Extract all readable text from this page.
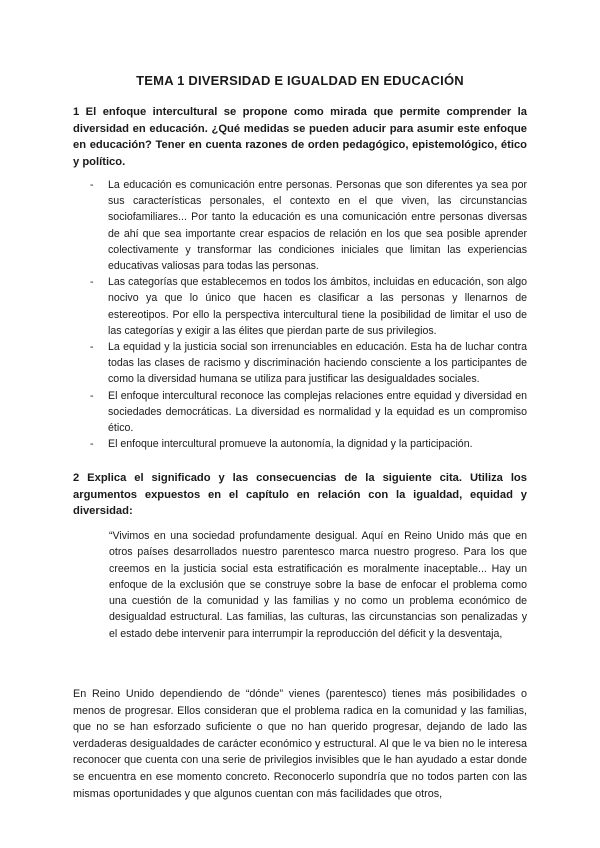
TEMA 1 DIVERSIDAD E IGUALDAD EN EDUCACIÓN
1 El enfoque intercultural se propone como mirada que permite comprender la diversidad en educación. ¿Qué medidas se pueden aducir para asumir este enfoque en educación? Tener en cuenta razones de orden pedagógico, epistemológico, ético y político.
- La educación es comunicación entre personas. Personas que son diferentes ya sea por sus características personales, el contexto en el que viven, las circunstancias sociofamiliares... Por tanto la educación es una comunicación entre personas diversas de ahí que sea importante crear espacios de relación en los que sea posible aprender colectivamente y transformar las condiciones iniciales que limitan las experiencias educativas valiosas para todas las personas.
- Las categorías que establecemos en todos los ámbitos, incluidas en educación, son algo nocivo ya que lo único que hacen es clasificar a las personas y llenarnos de estereotipos. Por ello la perspectiva intercultural tiene la posibilidad de limitar el uso de las categorías y exigir a las élites que pierdan parte de sus privilegios.
- La equidad y la justicia social son irrenunciables en educación. Esta ha de luchar contra todas las clases de racismo y discriminación haciendo consciente a los participantes de como la diversidad humana se utiliza para justificar las desigualdades sociales.
- El enfoque intercultural reconoce las complejas relaciones entre equidad y diversidad en sociedades democráticas. La diversidad es normalidad y la equidad es un compromiso ético.
- El enfoque intercultural promueve la autonomía, la dignidad y la participación.
2 Explica el significado y las consecuencias de la siguiente cita. Utiliza los argumentos expuestos en el capítulo en relación con la igualdad, equidad y diversidad:
“Vivimos en una sociedad profundamente desigual. Aquí en Reino Unido más que en otros países desarrollados nuestro parentesco marca nuestro progreso. Para los que creemos en la justicia social esta estratificación es moralmente inaceptable... Hay un enfoque de la exclusión que se construye sobre la base de enfocar el problema como una cuestión de la comunidad y las familias y no como un problema económico de desigualdad estructural. Las familias, las culturas, las circunstancias son penalizadas y el estado debe intervenir para interrumpir la reproducción del déficit y la desventaja,
En Reino Unido dependiendo de “dónde” vienes (parentesco) tienes más posibilidades o menos de progresar. Ellos consideran que el problema radica en la comunidad y las familias, que no se han esforzado suficiente o que no han querido progresar, dejando de lado las verdaderas desigualdades de carácter económico y estructural. Al que le va bien no le interesa reconocer que cuenta con una serie de privilegios invisibles que le han ayudado a estar donde se encuentra en ese momento concreto. Reconocerlo supondría que no todos parten con las mismas oportunidades y que algunos cuentan con más facilidades que otros,
